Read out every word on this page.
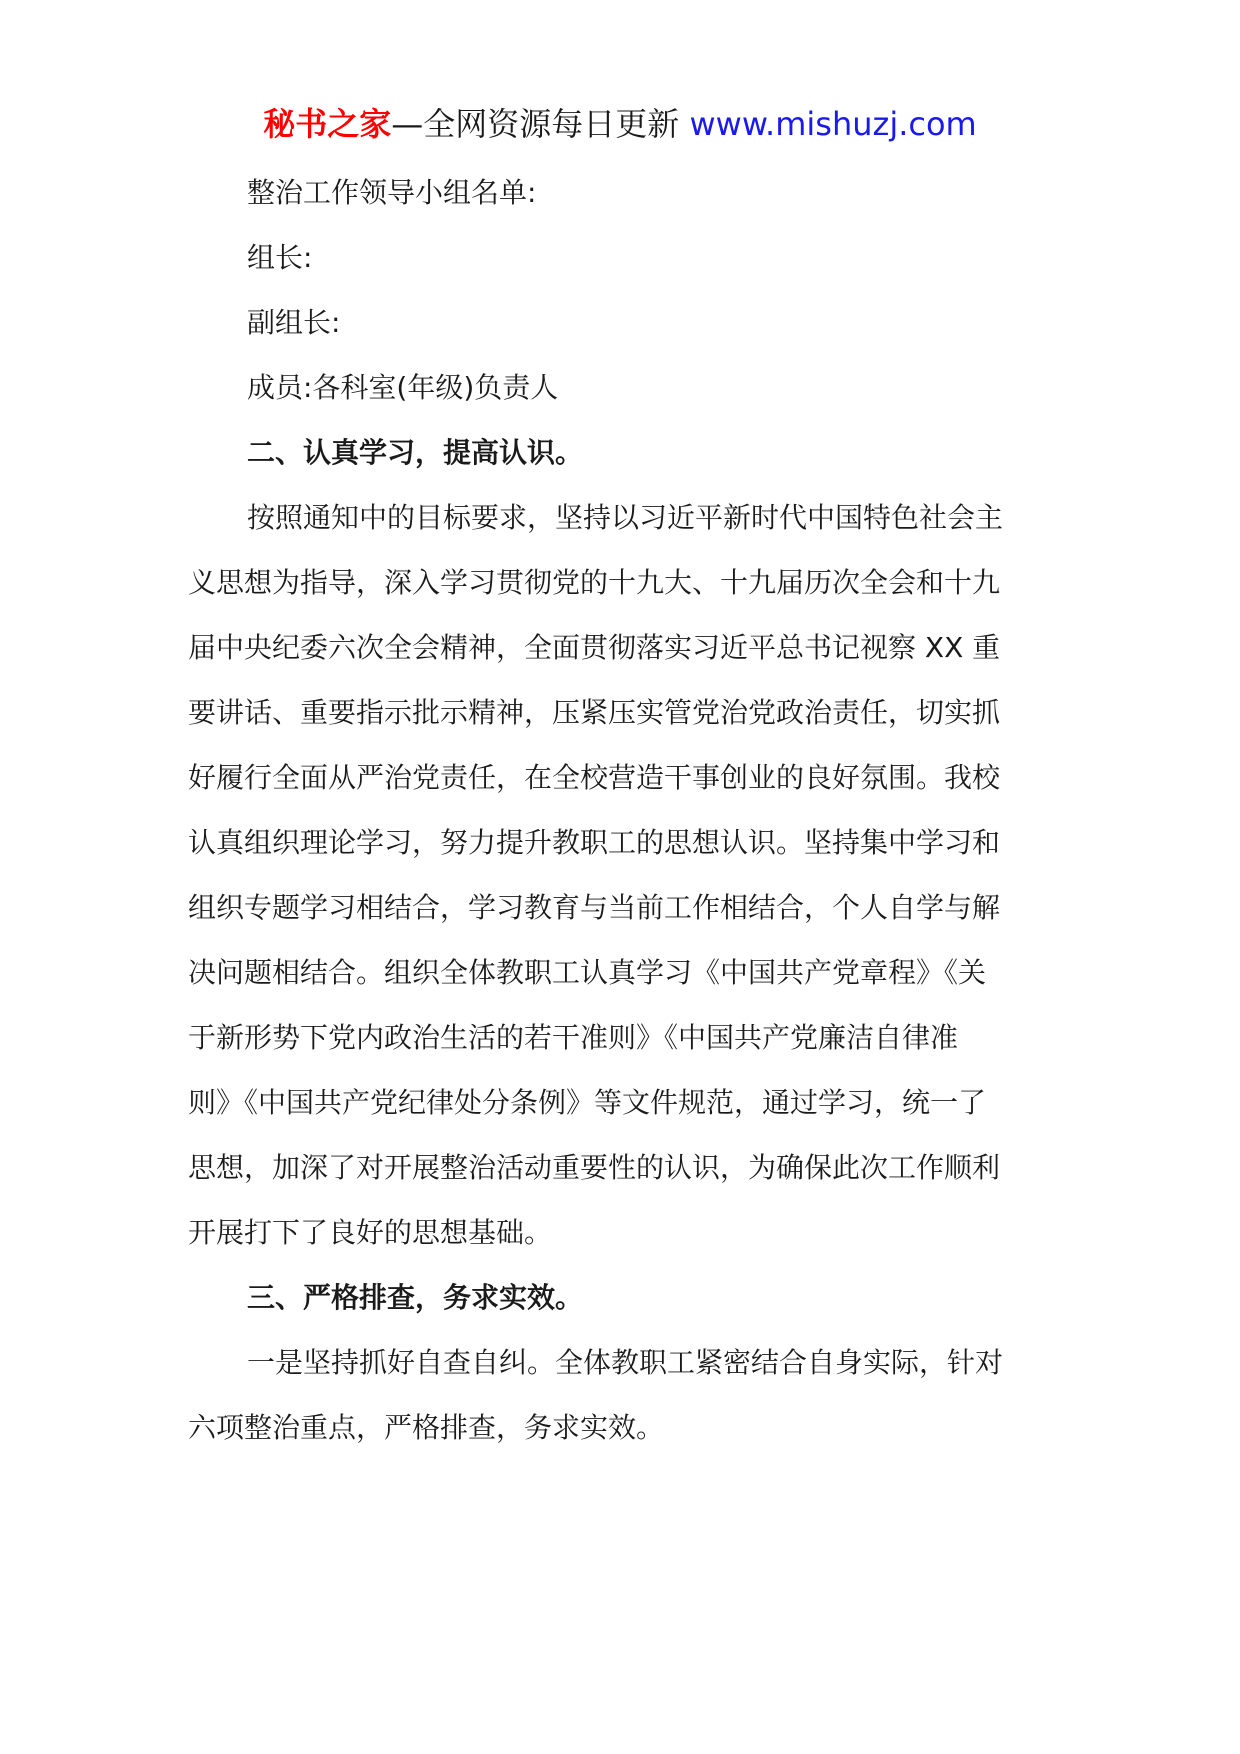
秘书之家—全网资源每日更新 www.mishuzj.com

整治工作领导小组名单:

组长:

副组长:

成员:各科室(年级)负责人

二、认真学习，提高认识。

按照通知中的目标要求，坚持以习近平新时代中国特色社会主

义思想为指导，深入学习贯彻党的十九大、十九届历次全会和十九

届中央纪委六次全会精神，全面贯彻落实习近平总书记视察 XX 重

要讲话、重要指示批示精神，压紧压实管党治党政治责任，切实抓

好履行全面从严治党责任，在全校营造干事创业的良好氛围。我校

认真组织理论学习，努力提升教职工的思想认识。坚持集中学习和

组织专题学习相结合，学习教育与当前工作相结合，个人自学与解

决问题相结合。组织全体教职工认真学习《中国共产党章程》《关

于新形势下党内政治生活的若干准则》《中国共产党廉洁自律准

则》《中国共产党纪律处分条例》等文件规范，通过学习，统一了

思想，加深了对开展整治活动重要性的认识，为确保此次工作顺利

开展打下了良好的思想基础。

三、严格排查，务求实效。

一是坚持抓好自查自纠。全体教职工紧密结合自身实际，针对

六项整治重点，严格排查，务求实效。
